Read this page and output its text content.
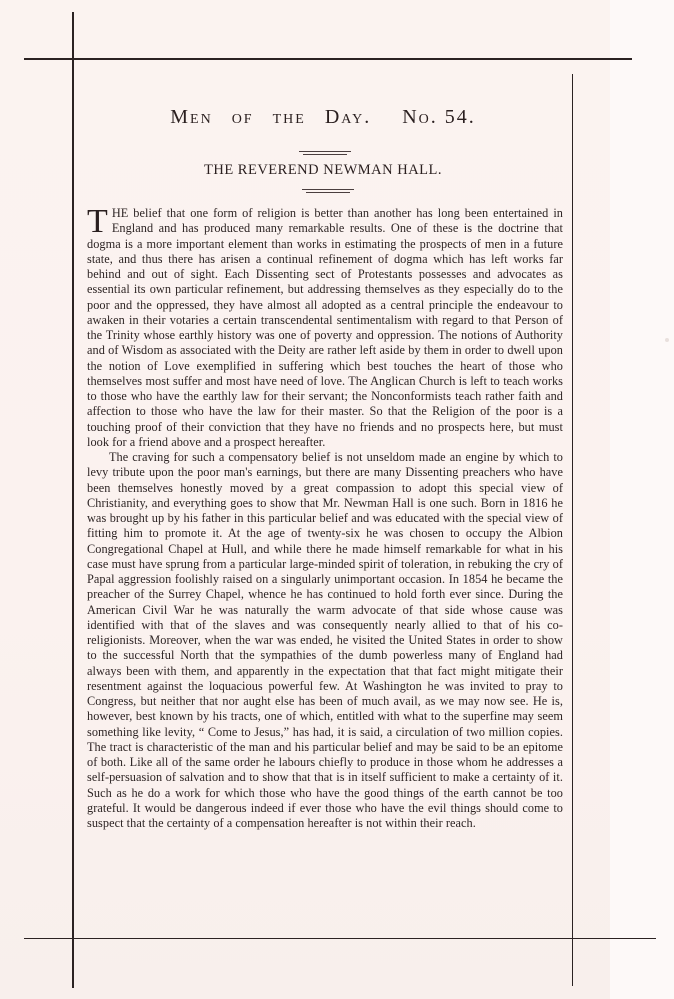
Men of the Day. No. 54.
THE REVEREND NEWMAN HALL.

THE belief that one form of religion is better than another has long been entertained in England and has produced many remarkable results. One of these is the doctrine that dogma is a more important element than works in estimating the prospects of men in a future state, and thus there has arisen a continual refinement of dogma which has left works far behind and out of sight. Each Dissenting sect of Protestants possesses and advocates as essential its own particular refinement, but addressing themselves as they especially do to the poor and the oppressed, they have almost all adopted as a central principle the endeavour to awaken in their votaries a certain transcendental sentimentalism with regard to that Person of the Trinity whose earthly history was one of poverty and oppression. The notions of Authority and of Wisdom as associated with the Deity are rather left aside by them in order to dwell upon the notion of Love exemplified in suffering which best touches the heart of those who themselves most suffer and most have need of love. The Anglican Church is left to teach works to those who have the earthly law for their servant; the Nonconformists teach rather faith and affection to those who have the law for their master. So that the Religion of the poor is a touching proof of their conviction that they have no friends and no prospects here, but must look for a friend above and a prospect hereafter.

The craving for such a compensatory belief is not unseldom made an engine by which to levy tribute upon the poor man's earnings, but there are many Dissenting preachers who have been themselves honestly moved by a great compassion to adopt this special view of Christianity, and everything goes to show that Mr. Newman Hall is one such. Born in 1816 he was brought up by his father in this particular belief and was educated with the special view of fitting him to promote it. At the age of twenty-six he was chosen to occupy the Albion Congregational Chapel at Hull, and while there he made himself remarkable for what in his case must have sprung from a particular large-minded spirit of toleration, in rebuking the cry of Papal aggression foolishly raised on a singularly unimportant occasion. In 1854 he became the preacher of the Surrey Chapel, whence he has continued to hold forth ever since. During the American Civil War he was naturally the warm advocate of that side whose cause was identified with that of the slaves and was consequently nearly allied to that of his co-religionists. Moreover, when the war was ended, he visited the United States in order to show to the successful North that the sympathies of the dumb powerless many of England had always been with them, and apparently in the expectation that that fact might mitigate their resentment against the loquacious powerful few. At Washington he was invited to pray to Congress, but neither that nor aught else has been of much avail, as we may now see. He is, however, best known by his tracts, one of which, entitled with what to the superfine may seem something like levity, “ Come to Jesus,” has had, it is said, a circulation of two million copies. The tract is characteristic of the man and his particular belief and may be said to be an epitome of both. Like all of the same order he labours chiefly to produce in those whom he addresses a self-persuasion of salvation and to show that that is in itself sufficient to make a certainty of it. Such as he do a work for which those who have the good things of the earth cannot be too grateful. It would be dangerous indeed if ever those who have the evil things should come to suspect that the certainty of a compensation hereafter is not within their reach.
